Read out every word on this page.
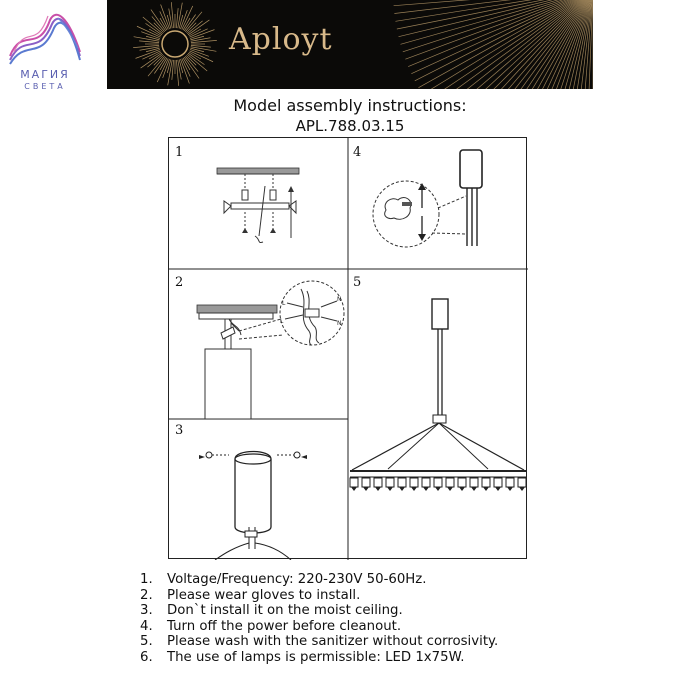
МАГИЯ
СВЕТА
Aployt
Model assembly instructions:
APL.788.03.15
1	4
2
L
L
N
N
3
5
1. Voltage/Frequency: 220-230V 50-60Hz.
2. Please wear gloves to install.
3. Don`t install it on the moist ceiling.
4. Turn off the power before cleanout.
5. Please wash with the sanitizer without corrosivity.
6. The use of lamps is permissible: LED 1x75W.
